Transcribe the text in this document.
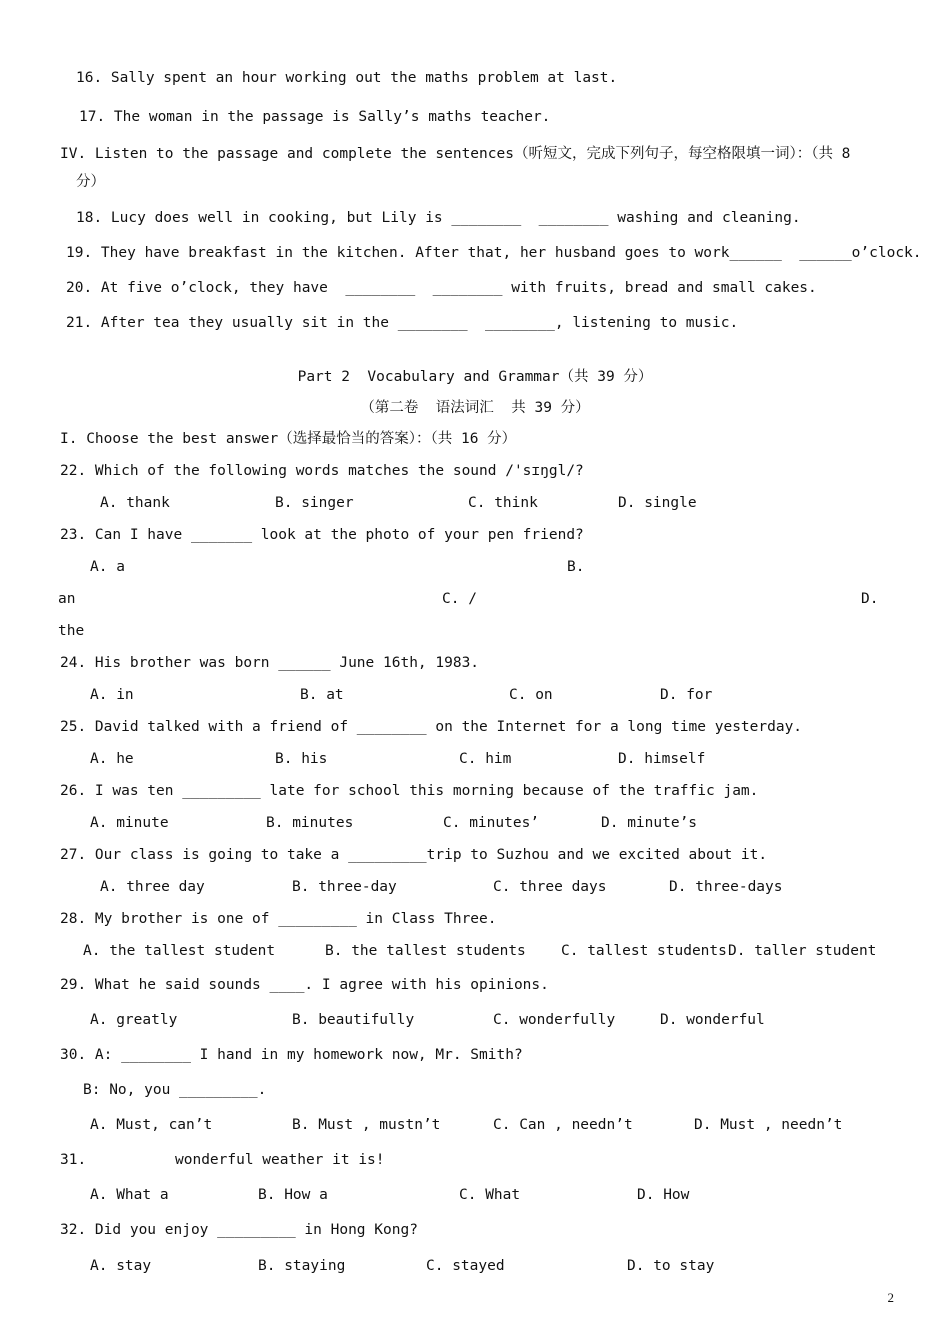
16. Sally spent an hour working out the maths problem at last.
17. The woman in the passage is Sally’s maths teacher.
IV. Listen to the passage and complete the sentences（听短文，完成下列句子，每空格限填一词）：（共 8
分）
18. Lucy does well in cooking, but Lily is ________  ________ washing and cleaning.
19. They have breakfast in the kitchen. After that, her husband goes to work______  ______o’clock.
20. At five o’clock, they have  ________  ________ with fruits, bread and small cakes.
21. After tea they usually sit in the ________  ________, listening to music.
Part 2  Vocabulary and Grammar（共 39 分）
（第二卷  语法词汇  共 39 分）
I. Choose the best answer（选择最恰当的答案）：（共 16 分）
22. Which of the following words matches the sound /'sɪŋgl/?
A. thank	B. singer	C. think	D. single
23. Can I have _______ look at the photo of your pen friend?
A. a	B.
an	C. /	D.
the
24. His brother was born ______ June 16th, 1983.
A. in	B. at	C. on	D. for
25. David talked with a friend of ________ on the Internet for a long time yesterday.
A. he	B. his	C. him	D. himself
26. I was ten _________ late for school this morning because of the traffic jam.
A. minute	B. minutes	C. minutes’	D. minute’s
27. Our class is going to take a _________trip to Suzhou and we excited about it.
A. three day	B. three-day	C. three days	D. three-days
28. My brother is one of _________ in Class Three.
A. the tallest student	B. the tallest students C. tallest students D. taller student
29. What he said sounds ____. I agree with his opinions.
A. greatly	B. beautifully	C. wonderfully	D. wonderful
30. A: ________ I hand in my homework now, Mr. Smith?
B: No, you _________.
A. Must, can’t	B. Must , mustn’t	C. Can , needn’t	D. Must , needn’t
31.	wonderful weather it is!
A. What a	B. How a	C. What	D. How
32. Did you enjoy _________ in Hong Kong?
A. stay	B. staying	C. stayed	D. to stay
2
